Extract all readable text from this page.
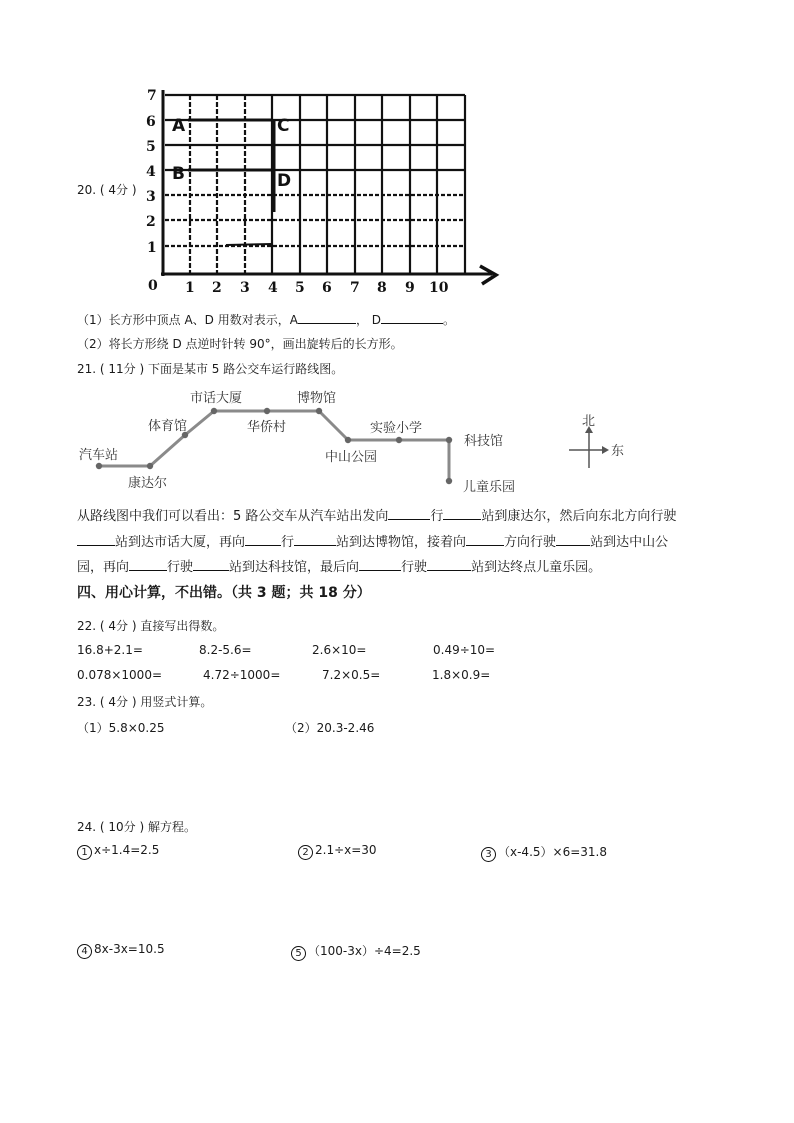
20. ( 4分 )
7
6
5
4
3
2
1
0 1 2 3 4 5 6 7 8 9 10
A
B
C
D
（1）长方形中顶点 A、D 用数对表示，A	， D	。
（2）将长方形绕 D 点逆时针转 90°，画出旋转后的长方形。
21. ( 11分 ) 下面是某市 5 路公交车运行路线图。
汽车站
康达尔
体育馆
市话大厦
华侨村
博物馆
中山公园
实验小学
科技馆
儿童乐园
北
东
从路线图中我们可以看出：5 路公交车从汽车站出发向	行	站到康达尔，然后向东北方向行驶
站到达市话大厦，再向	行	站到达博物馆，接着向	方向行驶	站到达中山公
园，再向	行驶	站到达科技馆，最后向	行驶	站到达终点儿童乐园。
四、用心计算，不出错。（共 3 题；共 18 分）
22. ( 4分 ) 直接写出得数。
16.8+2.1=	8.2-5.6=	2.6×10=	0.49÷10=
0.078×1000=	4.72÷1000=	7.2×0.5=	1.8×0.9=
23. ( 4分 ) 用竖式计算。
（1）5.8×0.25	（2）20.3-2.46
24. ( 10分 ) 解方程。
1 x÷1.4=2.5	2 2.1÷x=30	3 （x-4.5）×6=31.8
4 8x-3x=10.5	5 （100-3x）÷4=2.5
